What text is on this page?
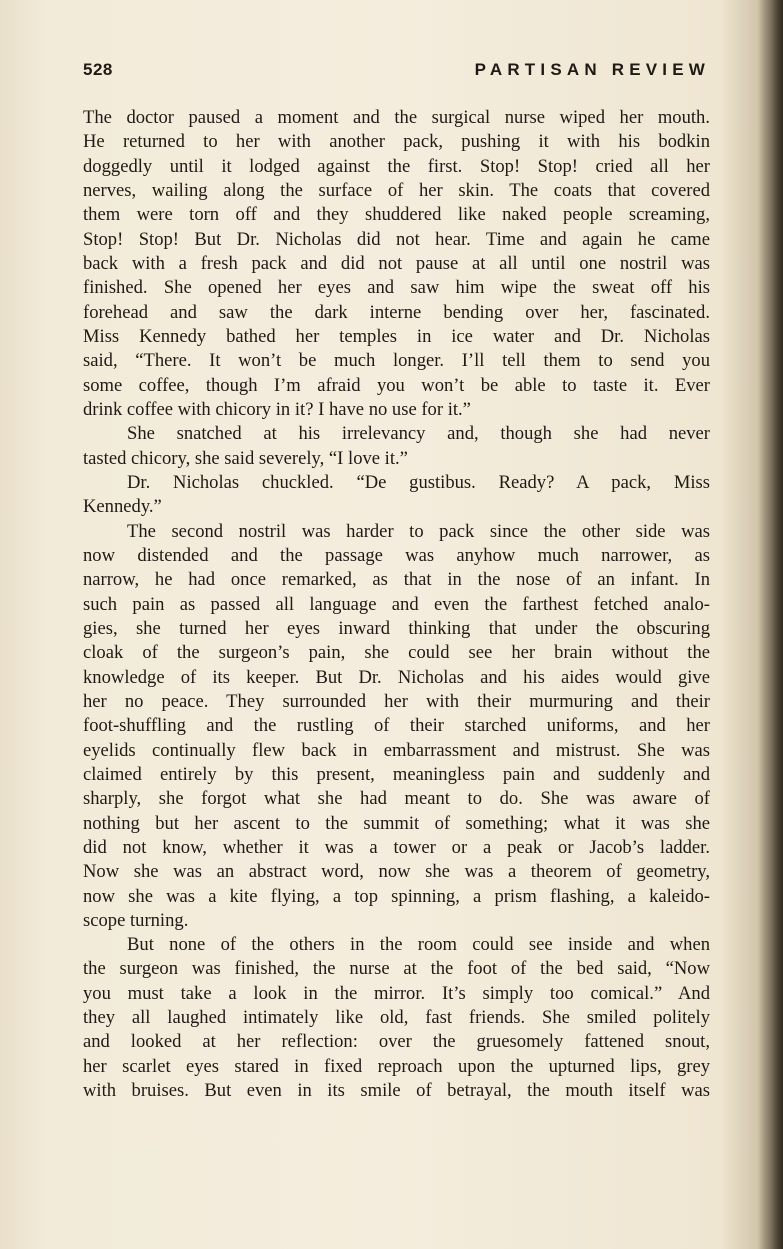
528	PARTISAN REVIEW
The doctor paused a moment and the surgical nurse wiped her mouth.
He returned to her with another pack, pushing it with his bodkin
doggedly until it lodged against the first. Stop! Stop! cried all her
nerves, wailing along the surface of her skin. The coats that covered
them were torn off and they shuddered like naked people screaming,
Stop! Stop! But Dr. Nicholas did not hear. Time and again he came
back with a fresh pack and did not pause at all until one nostril was
finished. She opened her eyes and saw him wipe the sweat off his
forehead and saw the dark interne bending over her, fascinated.
Miss Kennedy bathed her temples in ice water and Dr. Nicholas
said, “There. It won’t be much longer. I’ll tell them to send you
some coffee, though I’m afraid you won’t be able to taste it. Ever
drink coffee with chicory in it? I have no use for it.”
She snatched at his irrelevancy and, though she had never
tasted chicory, she said severely, “I love it.”
Dr. Nicholas chuckled. “De gustibus. Ready? A pack, Miss
Kennedy.”
The second nostril was harder to pack since the other side was
now distended and the passage was anyhow much narrower, as
narrow, he had once remarked, as that in the nose of an infant. In
such pain as passed all language and even the farthest fetched analo-
gies, she turned her eyes inward thinking that under the obscuring
cloak of the surgeon’s pain, she could see her brain without the
knowledge of its keeper. But Dr. Nicholas and his aides would give
her no peace. They surrounded her with their murmuring and their
foot-shuffling and the rustling of their starched uniforms, and her
eyelids continually flew back in embarrassment and mistrust. She was
claimed entirely by this present, meaningless pain and suddenly and
sharply, she forgot what she had meant to do. She was aware of
nothing but her ascent to the summit of something; what it was she
did not know, whether it was a tower or a peak or Jacob’s ladder.
Now she was an abstract word, now she was a theorem of geometry,
now she was a kite flying, a top spinning, a prism flashing, a kaleido-
scope turning.
But none of the others in the room could see inside and when
the surgeon was finished, the nurse at the foot of the bed said, “Now
you must take a look in the mirror. It’s simply too comical.” And
they all laughed intimately like old, fast friends. She smiled politely
and looked at her reflection: over the gruesomely fattened snout,
her scarlet eyes stared in fixed reproach upon the upturned lips, grey
with bruises. But even in its smile of betrayal, the mouth itself was
